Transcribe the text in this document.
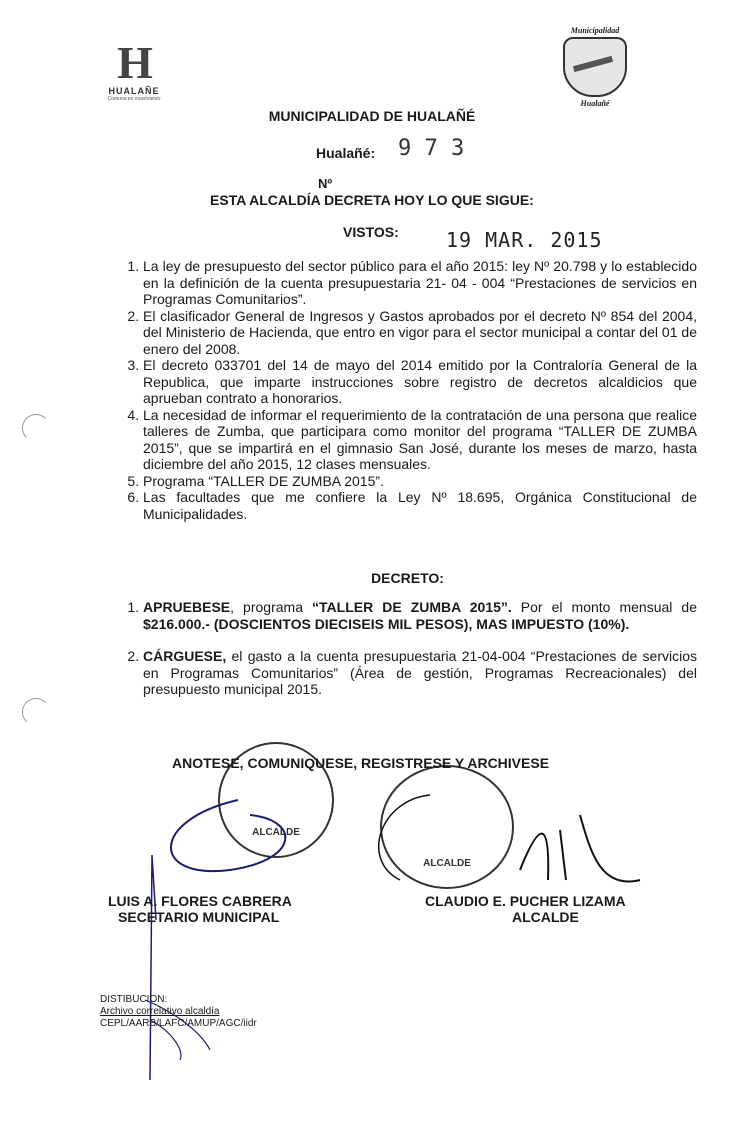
H
HUALAÑE
Comuna en movimiento
Municipalidad
Hualañé
MUNICIPALIDAD DE HUALAÑÉ
Hualañé: 9 7 3
Nº
ESTA ALCALDÍA DECRETA HOY LO QUE SIGUE:
VISTOS: 19 MAR. 2015
1. La ley de presupuesto del sector público para el año 2015: ley Nº 20.798 y lo establecido en la definición de la cuenta presupuestaria 21- 04 - 004 “Prestaciones de servicios en Programas Comunitarios”.
2. El clasificador General de Ingresos y Gastos aprobados por el decreto Nº 854 del 2004, del Ministerio de Hacienda, que entro en vigor para el sector municipal a contar del 01 de enero del 2008.
3. El decreto 033701 del 14 de mayo del 2014 emitido por la Contraloría General de la Republica, que imparte instrucciones sobre registro de decretos alcaldicios que aprueban contrato a honorarios.
4. La necesidad de informar el requerimiento de la contratación de una persona que realice talleres de Zumba, que participara como monitor del programa “TALLER DE ZUMBA 2015”, que se impartirá en el gimnasio San José, durante los meses de marzo, hasta diciembre del año 2015, 12 clases mensuales.
5. Programa “TALLER DE ZUMBA 2015”.
6. Las facultades que me confiere la Ley Nº 18.695, Orgánica Constitucional de Municipalidades.
DECRETO:
1. APRUEBESE, programa “TALLER DE ZUMBA 2015”. Por el monto mensual de $216.000.- (DOSCIENTOS DIECISEIS MIL PESOS), MAS IMPUESTO (10%).
2. CÁRGUESE, el gasto a la cuenta presupuestaria 21-04-004 “Prestaciones de servicios en Programas Comunitarios” (Área de gestión, Programas Recreacionales) del presupuesto municipal 2015.
ALCALDE
ALCALDE
ANOTESE, COMUNIQUESE, REGISTRESE Y ARCHIVESE
LUIS A. FLORES CABRERA
SECETARIO MUNICIPAL
CLAUDIO E. PUCHER LIZAMA
ALCALDE
DISTIBUCION:
Archivo correlativo alcaldía
CEPL/AARB/LAFC/AMUP/AGC/iidr
